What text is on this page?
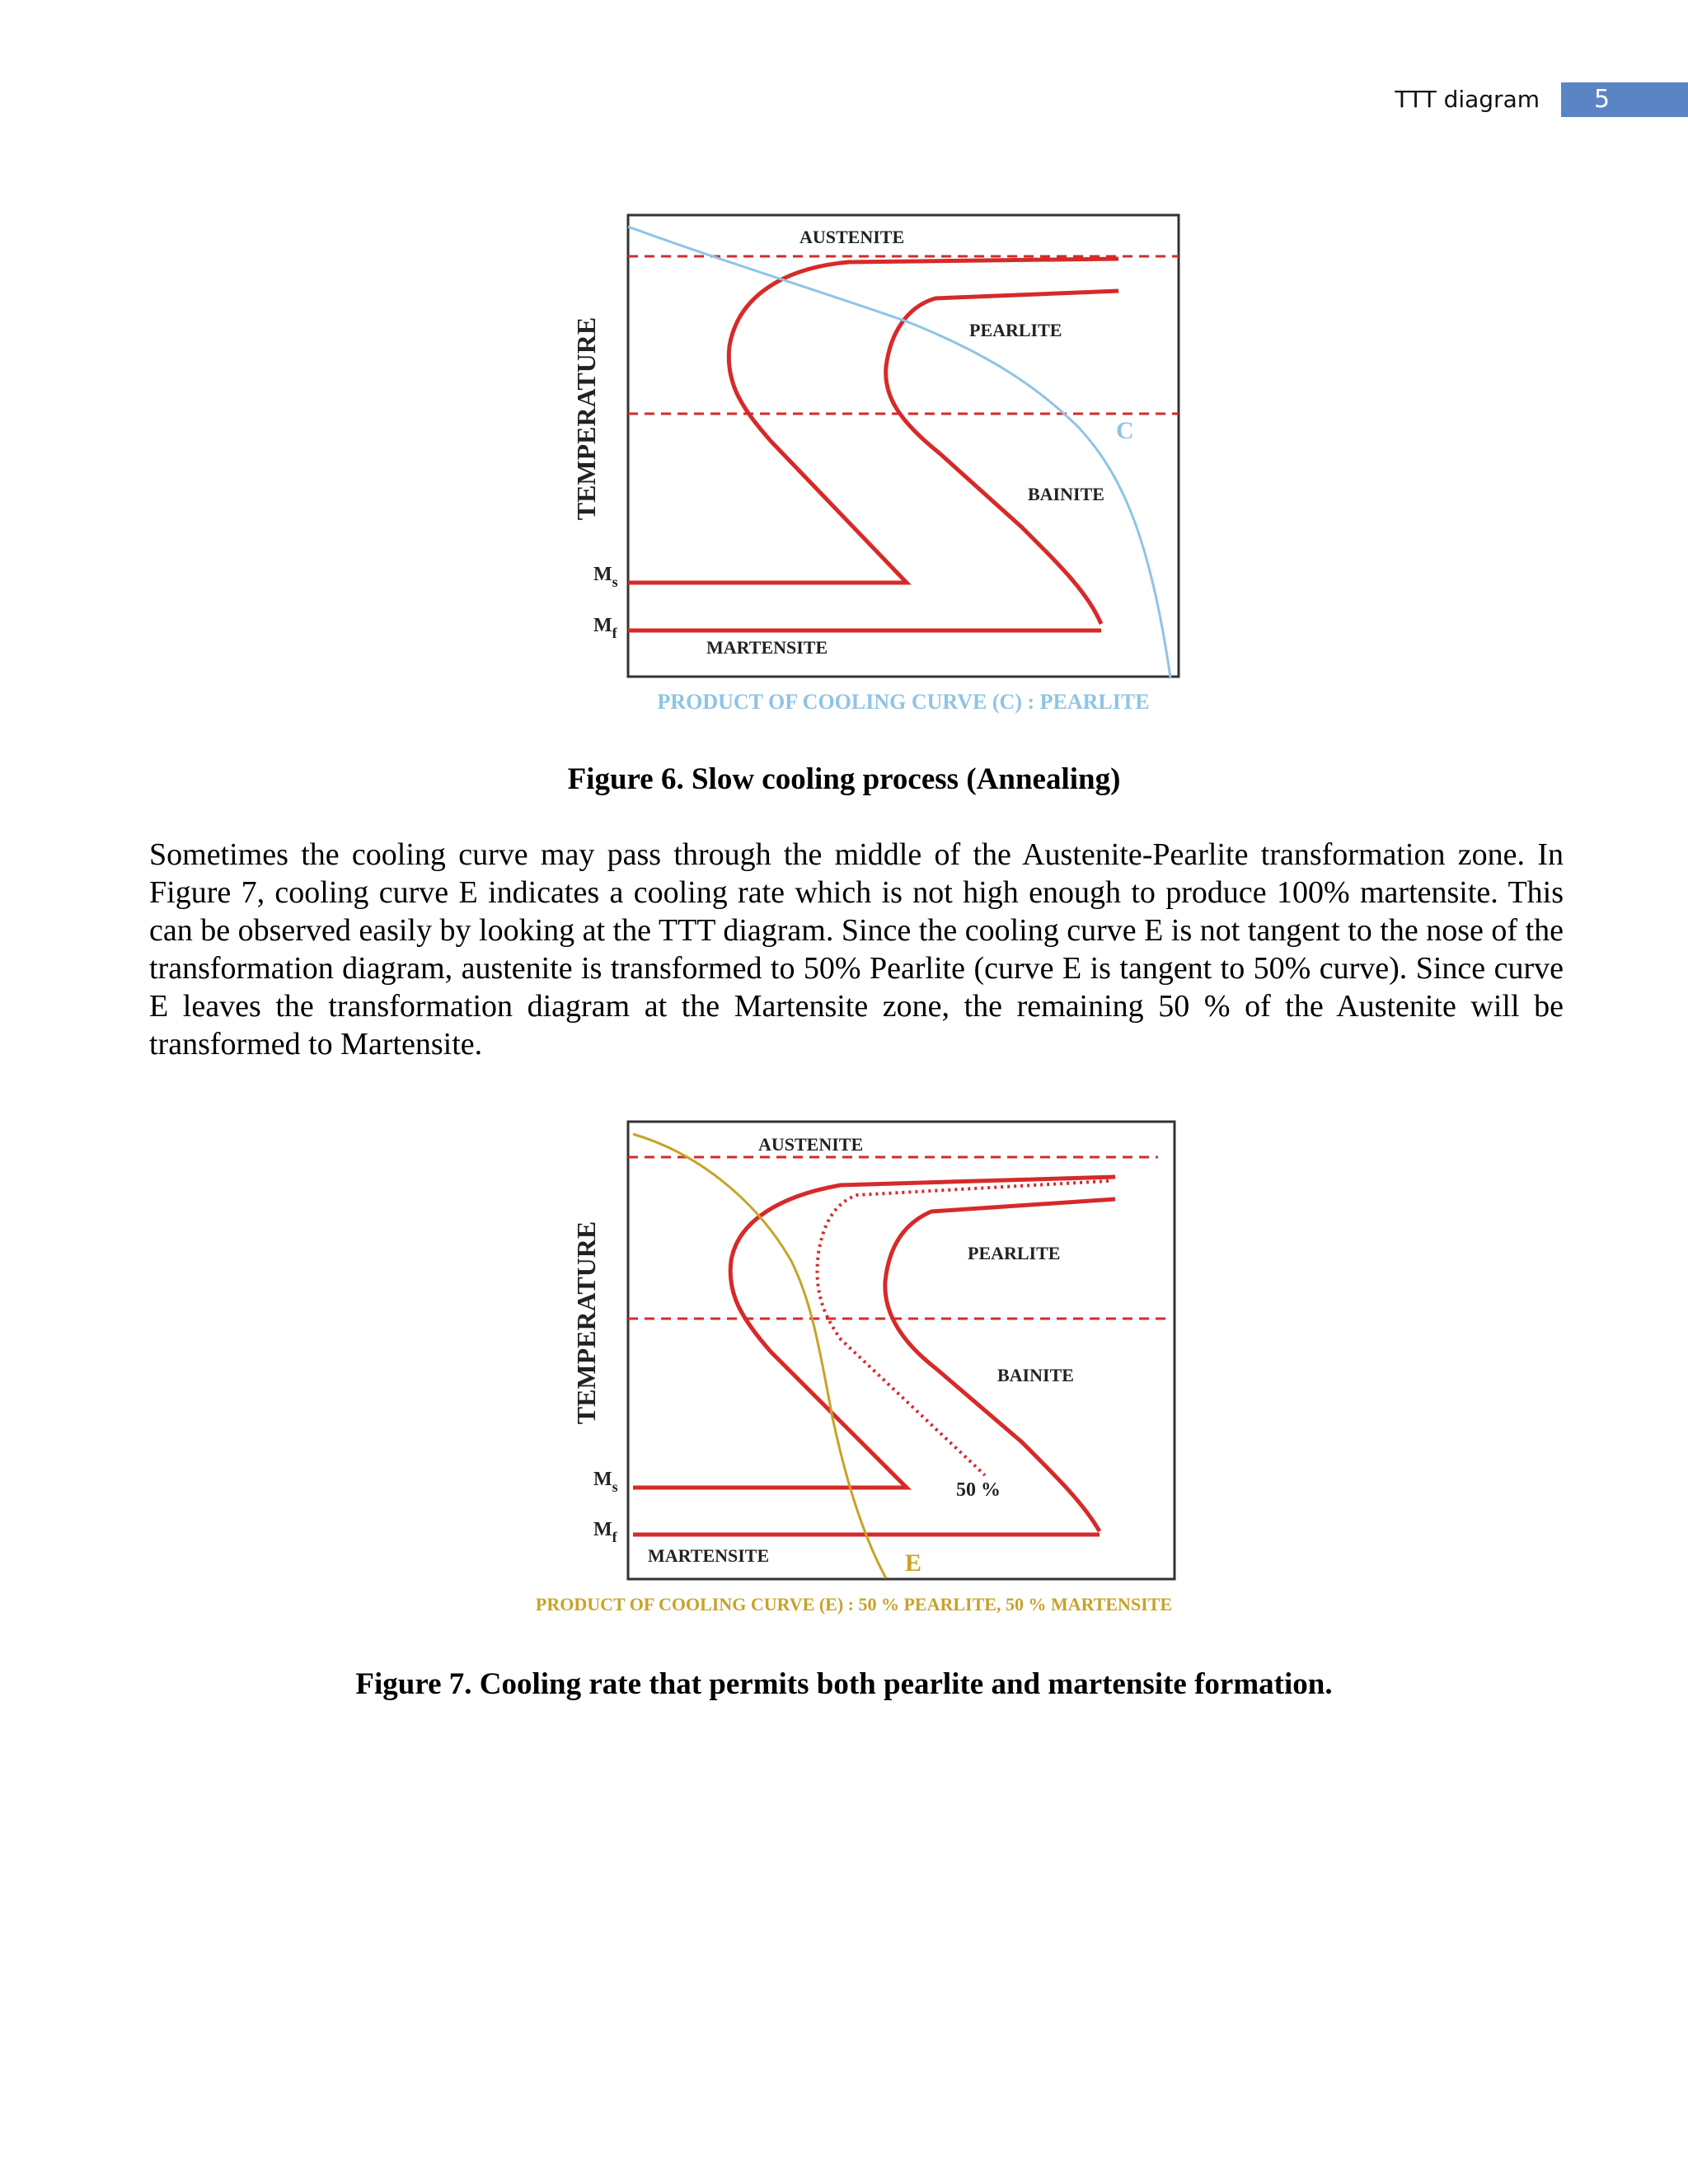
TTT diagram	5
AUSTENITE
PEARLITE
BAINITE
MARTENSITE
C
TEMPERATURE
$M_s$
$M_f$
PRODUCT OF COOLING CURVE (C) : PEARLITE
Figure 6. Slow cooling process (Annealing)

Sometimes the cooling curve may pass through the middle of the Austenite-Pearlite transformation zone. In Figure 7, cooling curve E indicates a cooling rate which is not high enough to produce 100% martensite. This can be observed easily by looking at the TTT diagram. Since the cooling curve E is not tangent to the nose of the transformation diagram, austenite is transformed to 50% Pearlite (curve E is tangent to 50% curve). Since curve E leaves the transformation diagram at the Martensite zone, the remaining 50 % of the Austenite will be transformed to Martensite.

AUSTENITE
PEARLITE
BAINITE
50 %
MARTENSITE	E
TEMPERATURE
$M_s$
$M_f$
PRODUCT OF COOLING CURVE (E) : 50 % PEARLITE, 50 % MARTENSITE
Figure 7. Cooling rate that permits both pearlite and martensite formation.
